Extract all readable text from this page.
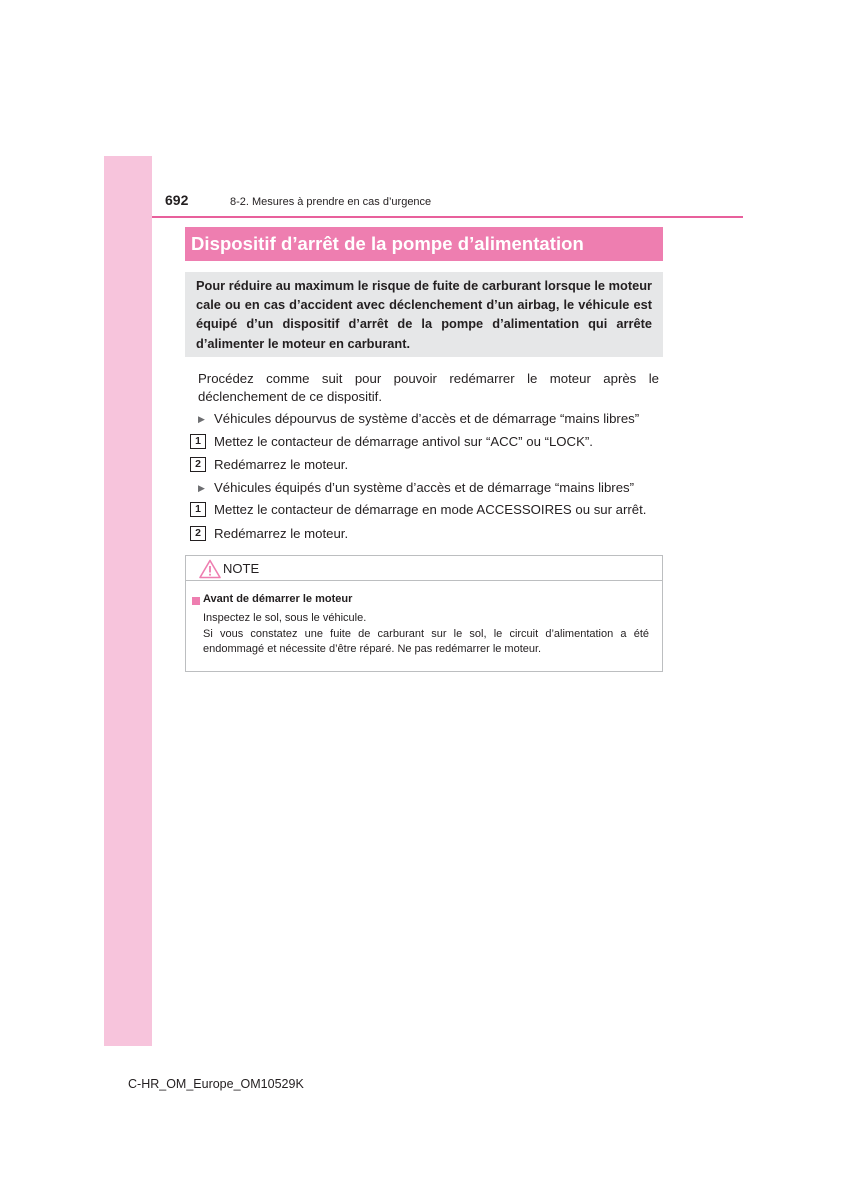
692	8-2. Mesures à prendre en cas d’urgence
Dispositif d’arrêt de la pompe d’alimentation
Pour réduire au maximum le risque de fuite de carburant lorsque le moteur cale ou en cas d’accident avec déclenchement d’un airbag, le véhicule est équipé d’un dispositif d’arrêt de la pompe d’alimentation qui arrête d’alimenter le moteur en carburant.
Procédez comme suit pour pouvoir redémarrer le moteur après le déclenchement de ce dispositif.
▶ Véhicules dépourvus de système d’accès et de démarrage “mains libres”
1 Mettez le contacteur de démarrage antivol sur “ACC” ou “LOCK”.
2 Redémarrez le moteur.
▶ Véhicules équipés d’un système d’accès et de démarrage “mains libres”
1 Mettez le contacteur de démarrage en mode ACCESSOIRES ou sur arrêt.
2 Redémarrez le moteur.
NOTE
Avant de démarrer le moteur
Inspectez le sol, sous le véhicule.
Si vous constatez une fuite de carburant sur le sol, le circuit d’alimentation a été endommagé et nécessite d’être réparé. Ne pas redémarrer le moteur.
C-HR_OM_Europe_OM10529K
